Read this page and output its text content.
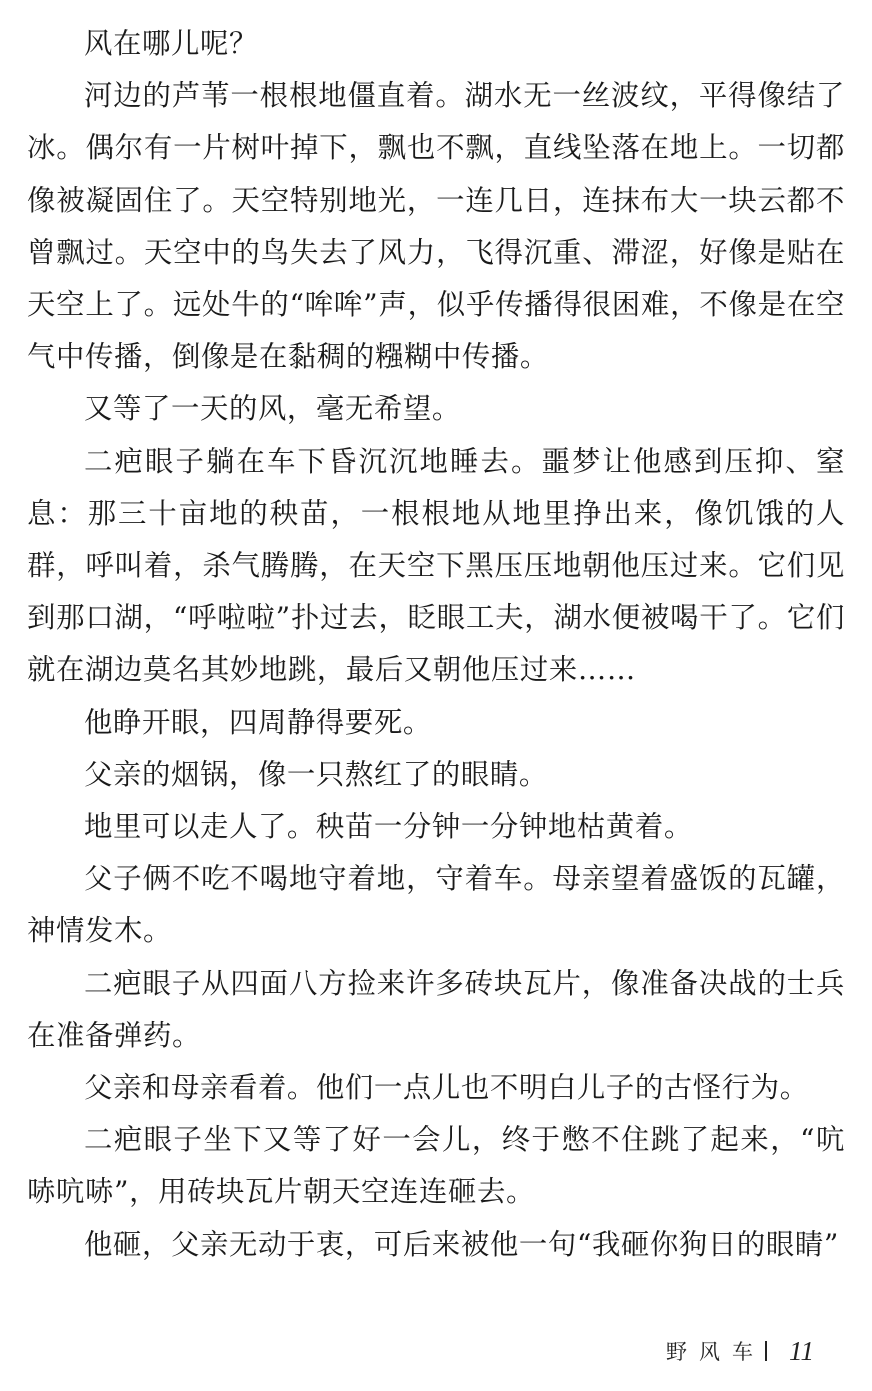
风在哪儿呢？

河边的芦苇一根根地僵直着。湖水无一丝波纹，平得像结了冰。偶尔有一片树叶掉下，飘也不飘，直线坠落在地上。一切都像被凝固住了。天空特别地光，一连几日，连抹布大一块云都不曾飘过。天空中的鸟失去了风力，飞得沉重、滞涩，好像是贴在天空上了。远处牛的“哞哞”声，似乎传播得很困难，不像是在空气中传播，倒像是在黏稠的糨糊中传播。

又等了一天的风，毫无希望。

二疤眼子躺在车下昏沉沉地睡去。噩梦让他感到压抑、窒息：那三十亩地的秧苗，一根根地从地里挣出来，像饥饿的人群，呼叫着，杀气腾腾，在天空下黑压压地朝他压过来。它们见到那口湖，“呼啦啦”扑过去，眨眼工夫，湖水便被喝干了。它们就在湖边莫名其妙地跳，最后又朝他压过来……

他睁开眼，四周静得要死。

父亲的烟锅，像一只熬红了的眼睛。

地里可以走人了。秧苗一分钟一分钟地枯黄着。

父子俩不吃不喝地守着地，守着车。母亲望着盛饭的瓦罐，神情发木。

二疤眼子从四面八方捡来许多砖块瓦片，像准备决战的士兵在准备弹药。

父亲和母亲看着。他们一点儿也不明白儿子的古怪行为。

二疤眼子坐下又等了好一会儿，终于憋不住跳了起来，“吭哧吭哧”，用砖块瓦片朝天空连连砸去。

他砸，父亲无动于衷，可后来被他一句“我砸你狗日的眼睛”

野风车 11
